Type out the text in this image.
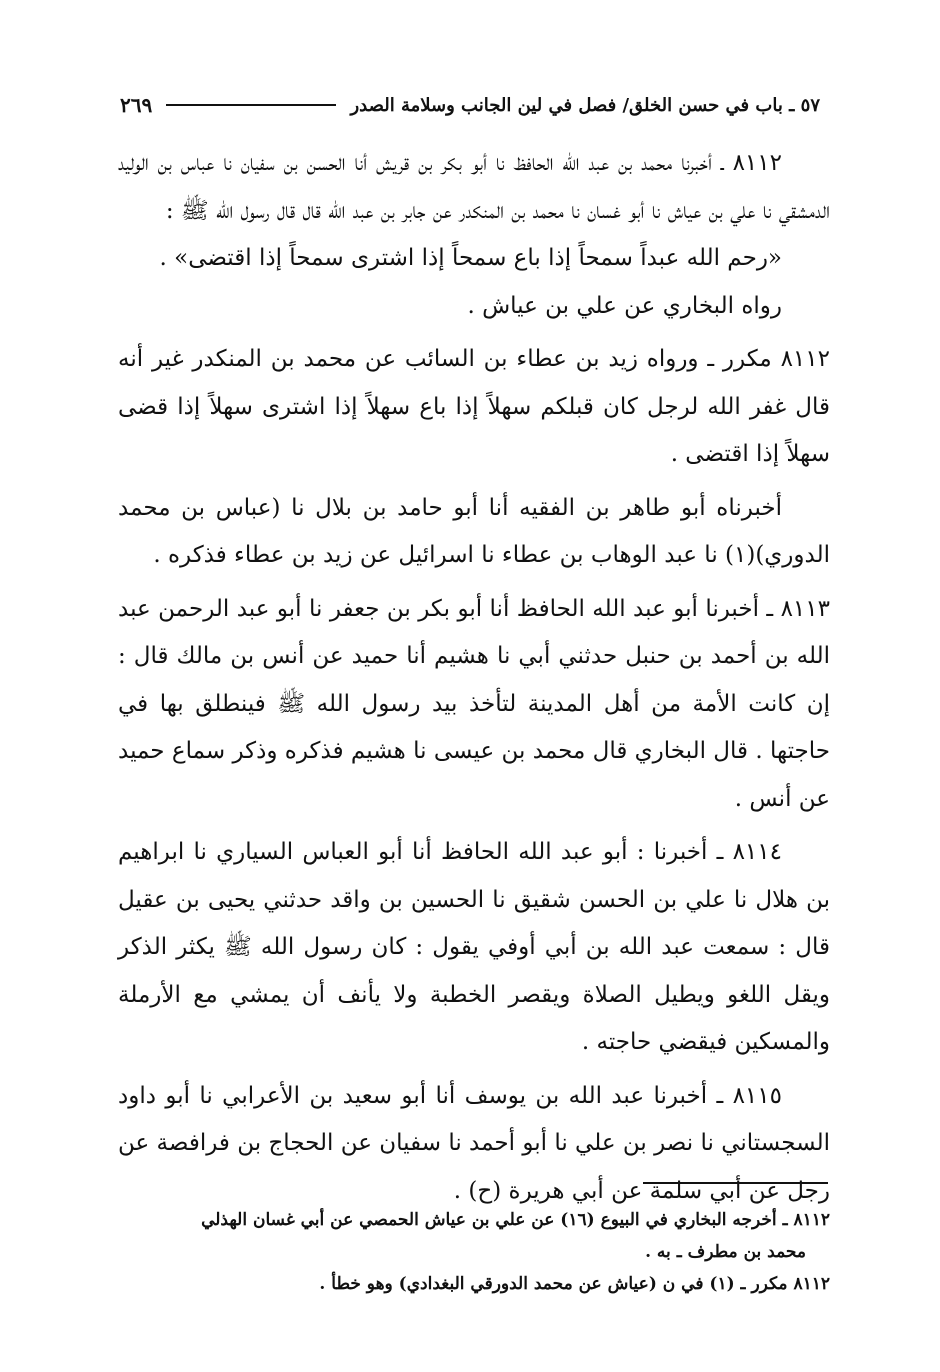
٥٧ ـ باب في حسن الخلق/ فصل في لين الجانب وسلامة الصدر
٢٦٩

٨١١٢ ـ أخبرنا محمد بن عبد الله الحافظ نا أبو بكر بن قريش أنا الحسن بن سفيان نا عباس بن الوليد الدمشقي نا علي بن عياش نا أبو غسان نا محمد بن المنكدر عن جابر بن عبد الله قال قال رسول الله ﷺ :

«رحم الله عبداً سمحاً إذا باع سمحاً إذا اشترى سمحاً إذا اقتضى» .

رواه البخاري عن علي بن عياش .

٨١١٢ مكرر ـ ورواه زيد بن عطاء بن السائب عن محمد بن المنكدر غير أنه قال غفر الله لرجل كان قبلكم سهلاً إذا باع سهلاً إذا اشترى سهلاً إذا قضى سهلاً إذا اقتضى .

أخبرناه أبو طاهر بن الفقيه أنا أبو حامد بن بلال نا (عباس بن محمد الدوري)(١) نا عبد الوهاب بن عطاء نا اسرائيل عن زيد بن عطاء فذكره .

٨١١٣ ـ أخبرنا أبو عبد الله الحافظ أنا أبو بكر بن جعفر نا أبو عبد الرحمن عبد الله بن أحمد بن حنبل حدثني أبي نا هشيم أنا حميد عن أنس بن مالك قال : إن كانت الأمة من أهل المدينة لتأخذ بيد رسول الله ﷺ فينطلق بها في حاجتها . قال البخاري قال محمد بن عيسى نا هشيم فذكره وذكر سماع حميد عن أنس .

٨١١٤ ـ أخبرنا : أبو عبد الله الحافظ أنا أبو العباس السياري نا ابراهيم بن هلال نا علي بن الحسن شقيق نا الحسين بن واقد حدثني يحيى بن عقيل قال : سمعت عبد الله بن أبي أوفي يقول : كان رسول الله ﷺ يكثر الذكر ويقل اللغو ويطيل الصلاة ويقصر الخطبة ولا يأنف أن يمشي مع الأرملة والمسكين فيقضي حاجته .

٨١١٥ ـ أخبرنا عبد الله بن يوسف أنا أبو سعيد بن الأعرابي نا أبو داود السجستاني نا نصر بن علي نا أبو أحمد نا سفيان عن الحجاج بن فرافصة عن رجل عن أبي سلمة عن أبي هريرة (ح) .

٨١١٢ ـ أخرجه البخاري في البيوع (١٦) عن علي بن عياش الحمصي عن أبي غسان الهذلي

محمد بن مطرف ـ به .

٨١١٢ مكرر ـ (١) في ن (عياش عن محمد الدورقي البغدادي) وهو خطأ .
